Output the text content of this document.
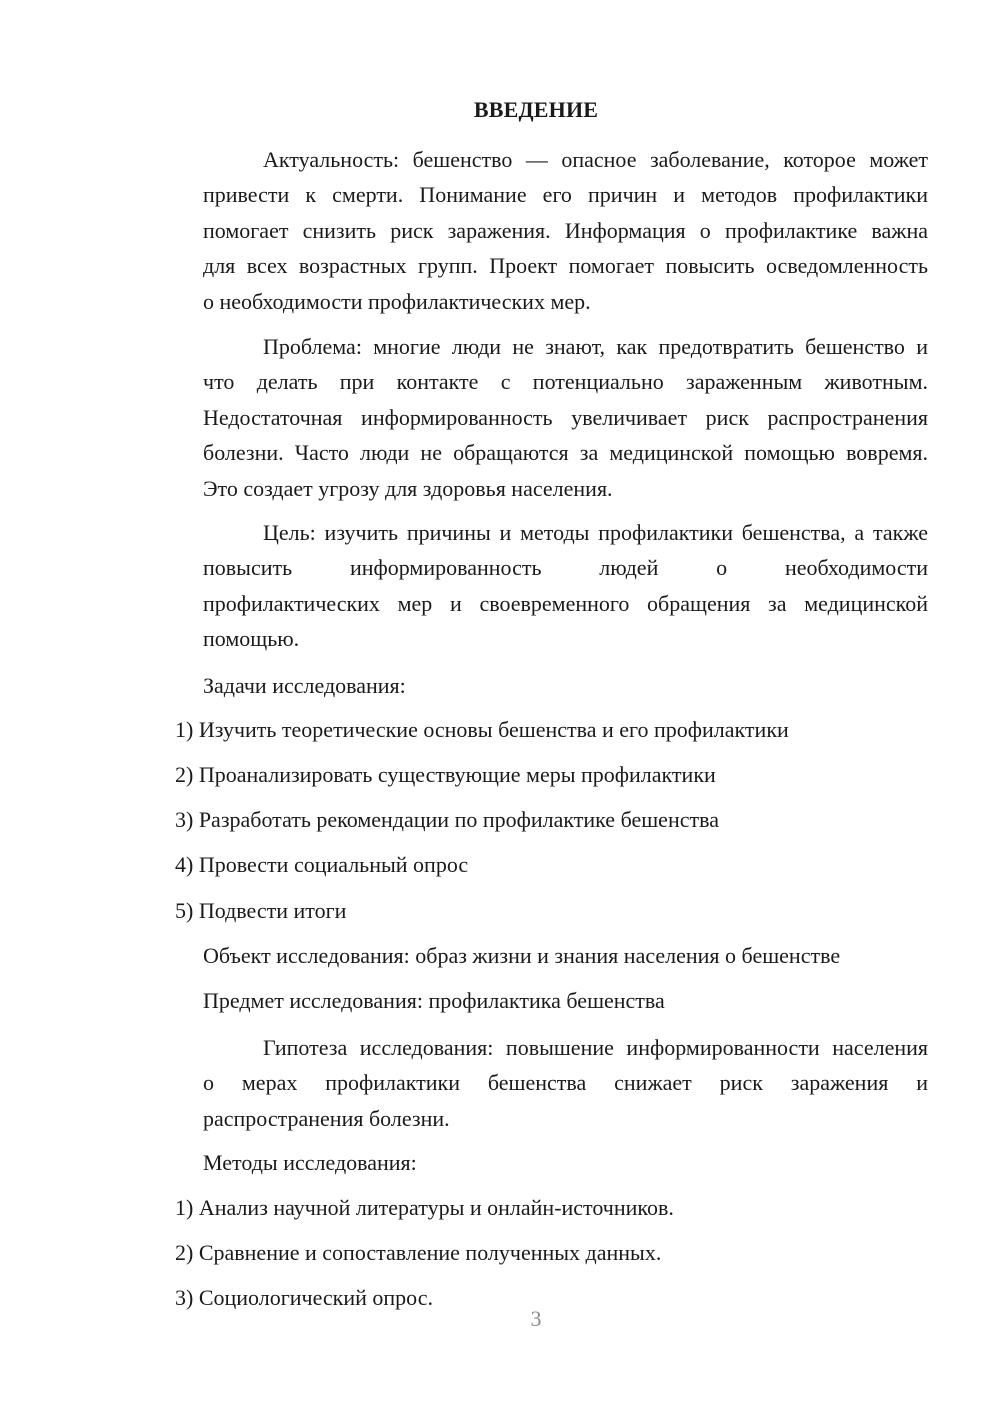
ВВЕДЕНИЕ
Актуальность: бешенство — опасное заболевание, которое может
привести к смерти. Понимание его причин и методов профилактики
помогает снизить риск заражения. Информация о профилактике важна
для всех возрастных групп. Проект помогает повысить осведомленность
о необходимости профилактических мер.
Проблема: многие люди не знают, как предотвратить бешенство и
что делать при контакте с потенциально зараженным животным.
Недостаточная информированность увеличивает риск распространения
болезни. Часто люди не обращаются за медицинской помощью вовремя.
Это создает угрозу для здоровья населения.
Цель: изучить причины и методы профилактики бешенства, а также
повысить информированность людей о необходимости
профилактических мер и своевременного обращения за медицинской
помощью.
Задачи исследования:
1) Изучить теоретические основы бешенства и его профилактики
2) Проанализировать существующие меры профилактики
3) Разработать рекомендации по профилактике бешенства
4) Провести социальный опрос
5) Подвести итоги
Объект исследования: образ жизни и знания населения о бешенстве
Предмет исследования: профилактика бешенства
Гипотеза исследования: повышение информированности населения
о мерах профилактики бешенства снижает риск заражения и
распространения болезни.
Методы исследования:
1) Анализ научной литературы и онлайн-источников.
2) Сравнение и сопоставление полученных данных.
3) Социологический опрос.
3
